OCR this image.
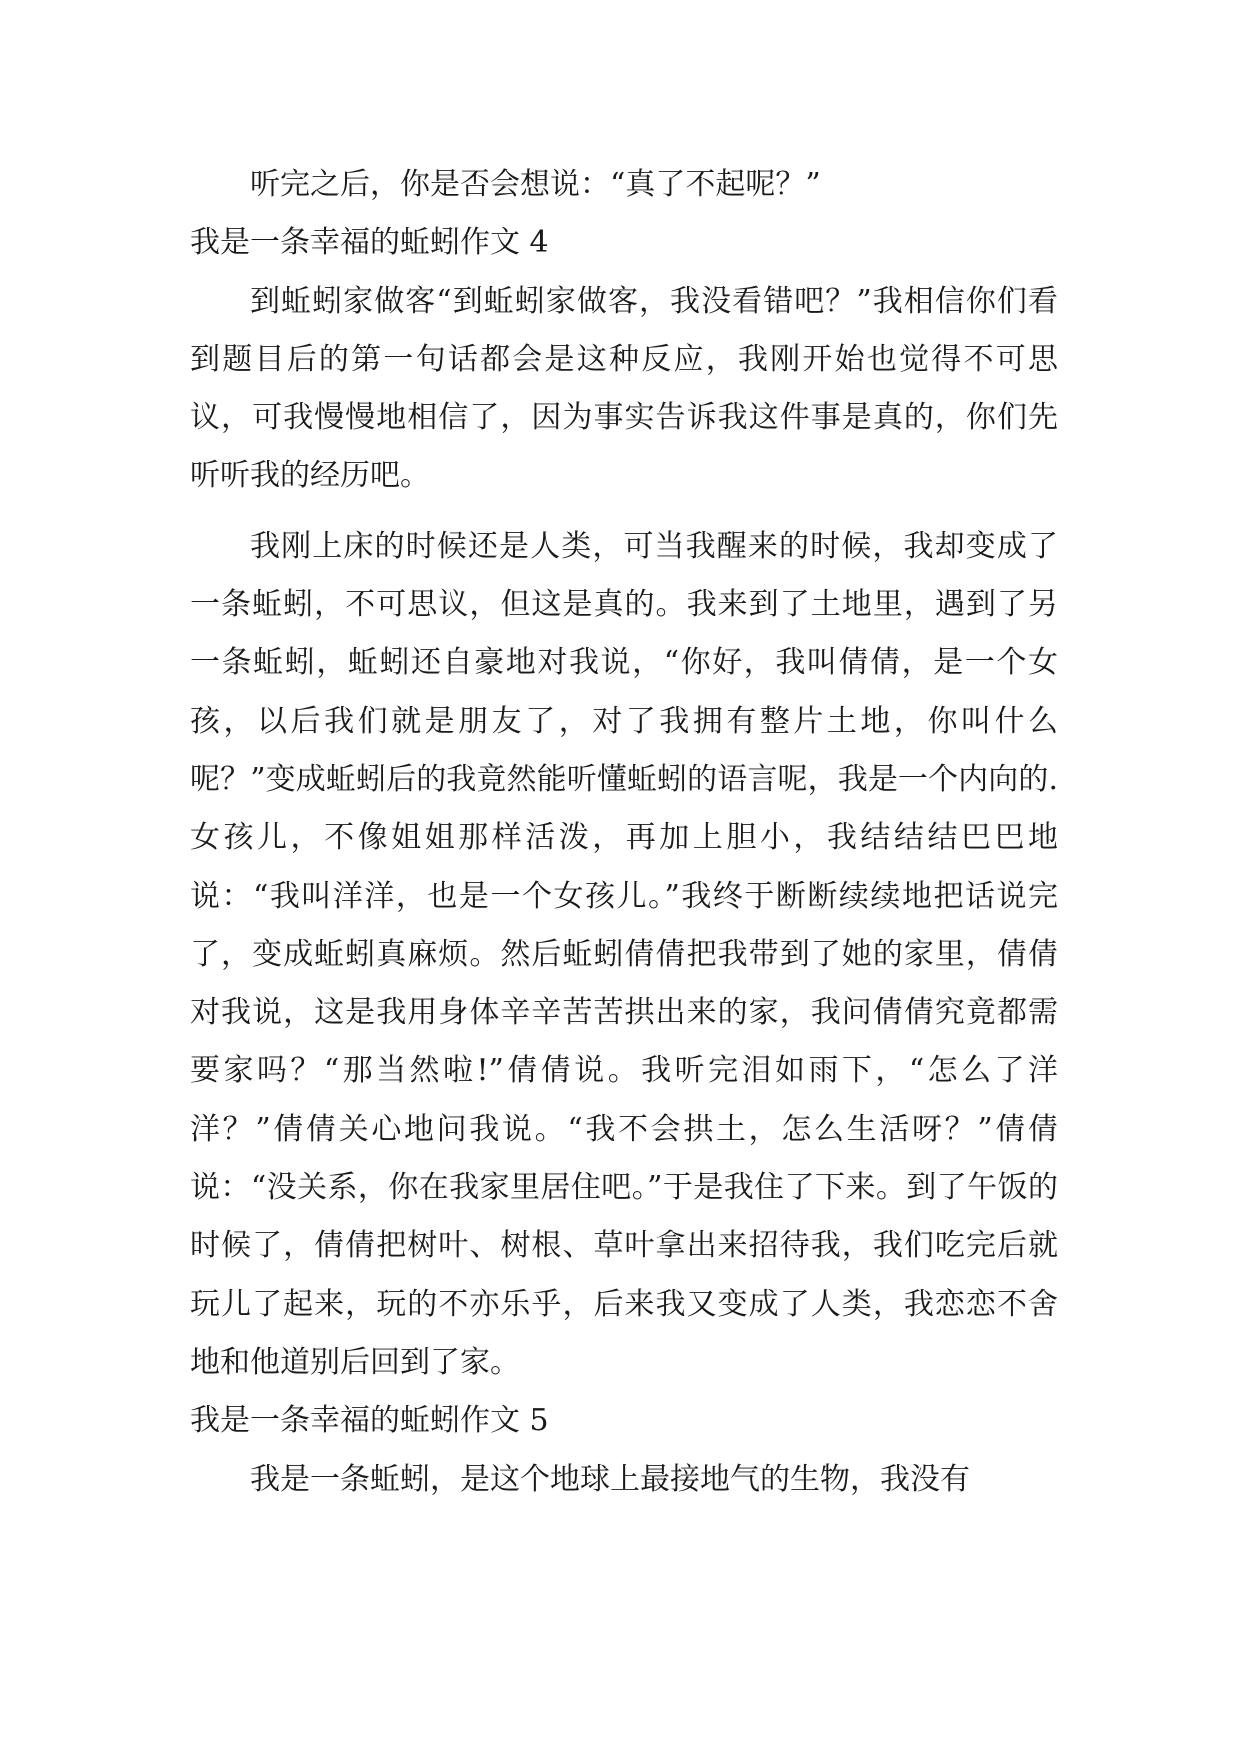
听完之后，你是否会想说：“真了不起呢？”

我是一条幸福的蚯蚓作文 4

到蚯蚓家做客“到蚯蚓家做客，我没看错吧？”我相信你们看到题目后的第一句话都会是这种反应，我刚开始也觉得不可思议，可我慢慢地相信了，因为事实告诉我这件事是真的，你们先听听我的经历吧。

我刚上床的时候还是人类，可当我醒来的时候，我却变成了一条蚯蚓，不可思议，但这是真的。我来到了土地里，遇到了另一条蚯蚓，蚯蚓还自豪地对我说，“你好，我叫倩倩，是一个女孩，以后我们就是朋友了，对了我拥有整片土地，你叫什么呢？”变成蚯蚓后的我竟然能听懂蚯蚓的语言呢，我是一个内向的.女孩儿，不像姐姐那样活泼，再加上胆小，我结结结巴巴地说：“我叫洋洋，也是一个女孩儿。”我终于断断续续地把话说完了，变成蚯蚓真麻烦。然后蚯蚓倩倩把我带到了她的家里，倩倩对我说，这是我用身体辛辛苦苦拱出来的家，我问倩倩究竟都需要家吗？“那当然啦!”倩倩说。我听完泪如雨下，“怎么了洋洋？”倩倩关心地问我说。“我不会拱土，怎么生活呀？”倩倩说：“没关系，你在我家里居住吧。”于是我住了下来。到了午饭的时候了，倩倩把树叶、树根、草叶拿出来招待我，我们吃完后就玩儿了起来，玩的不亦乐乎，后来我又变成了人类，我恋恋不舍地和他道别后回到了家。

我是一条幸福的蚯蚓作文 5

我是一条蚯蚓，是这个地球上最接地气的生物，我没有
